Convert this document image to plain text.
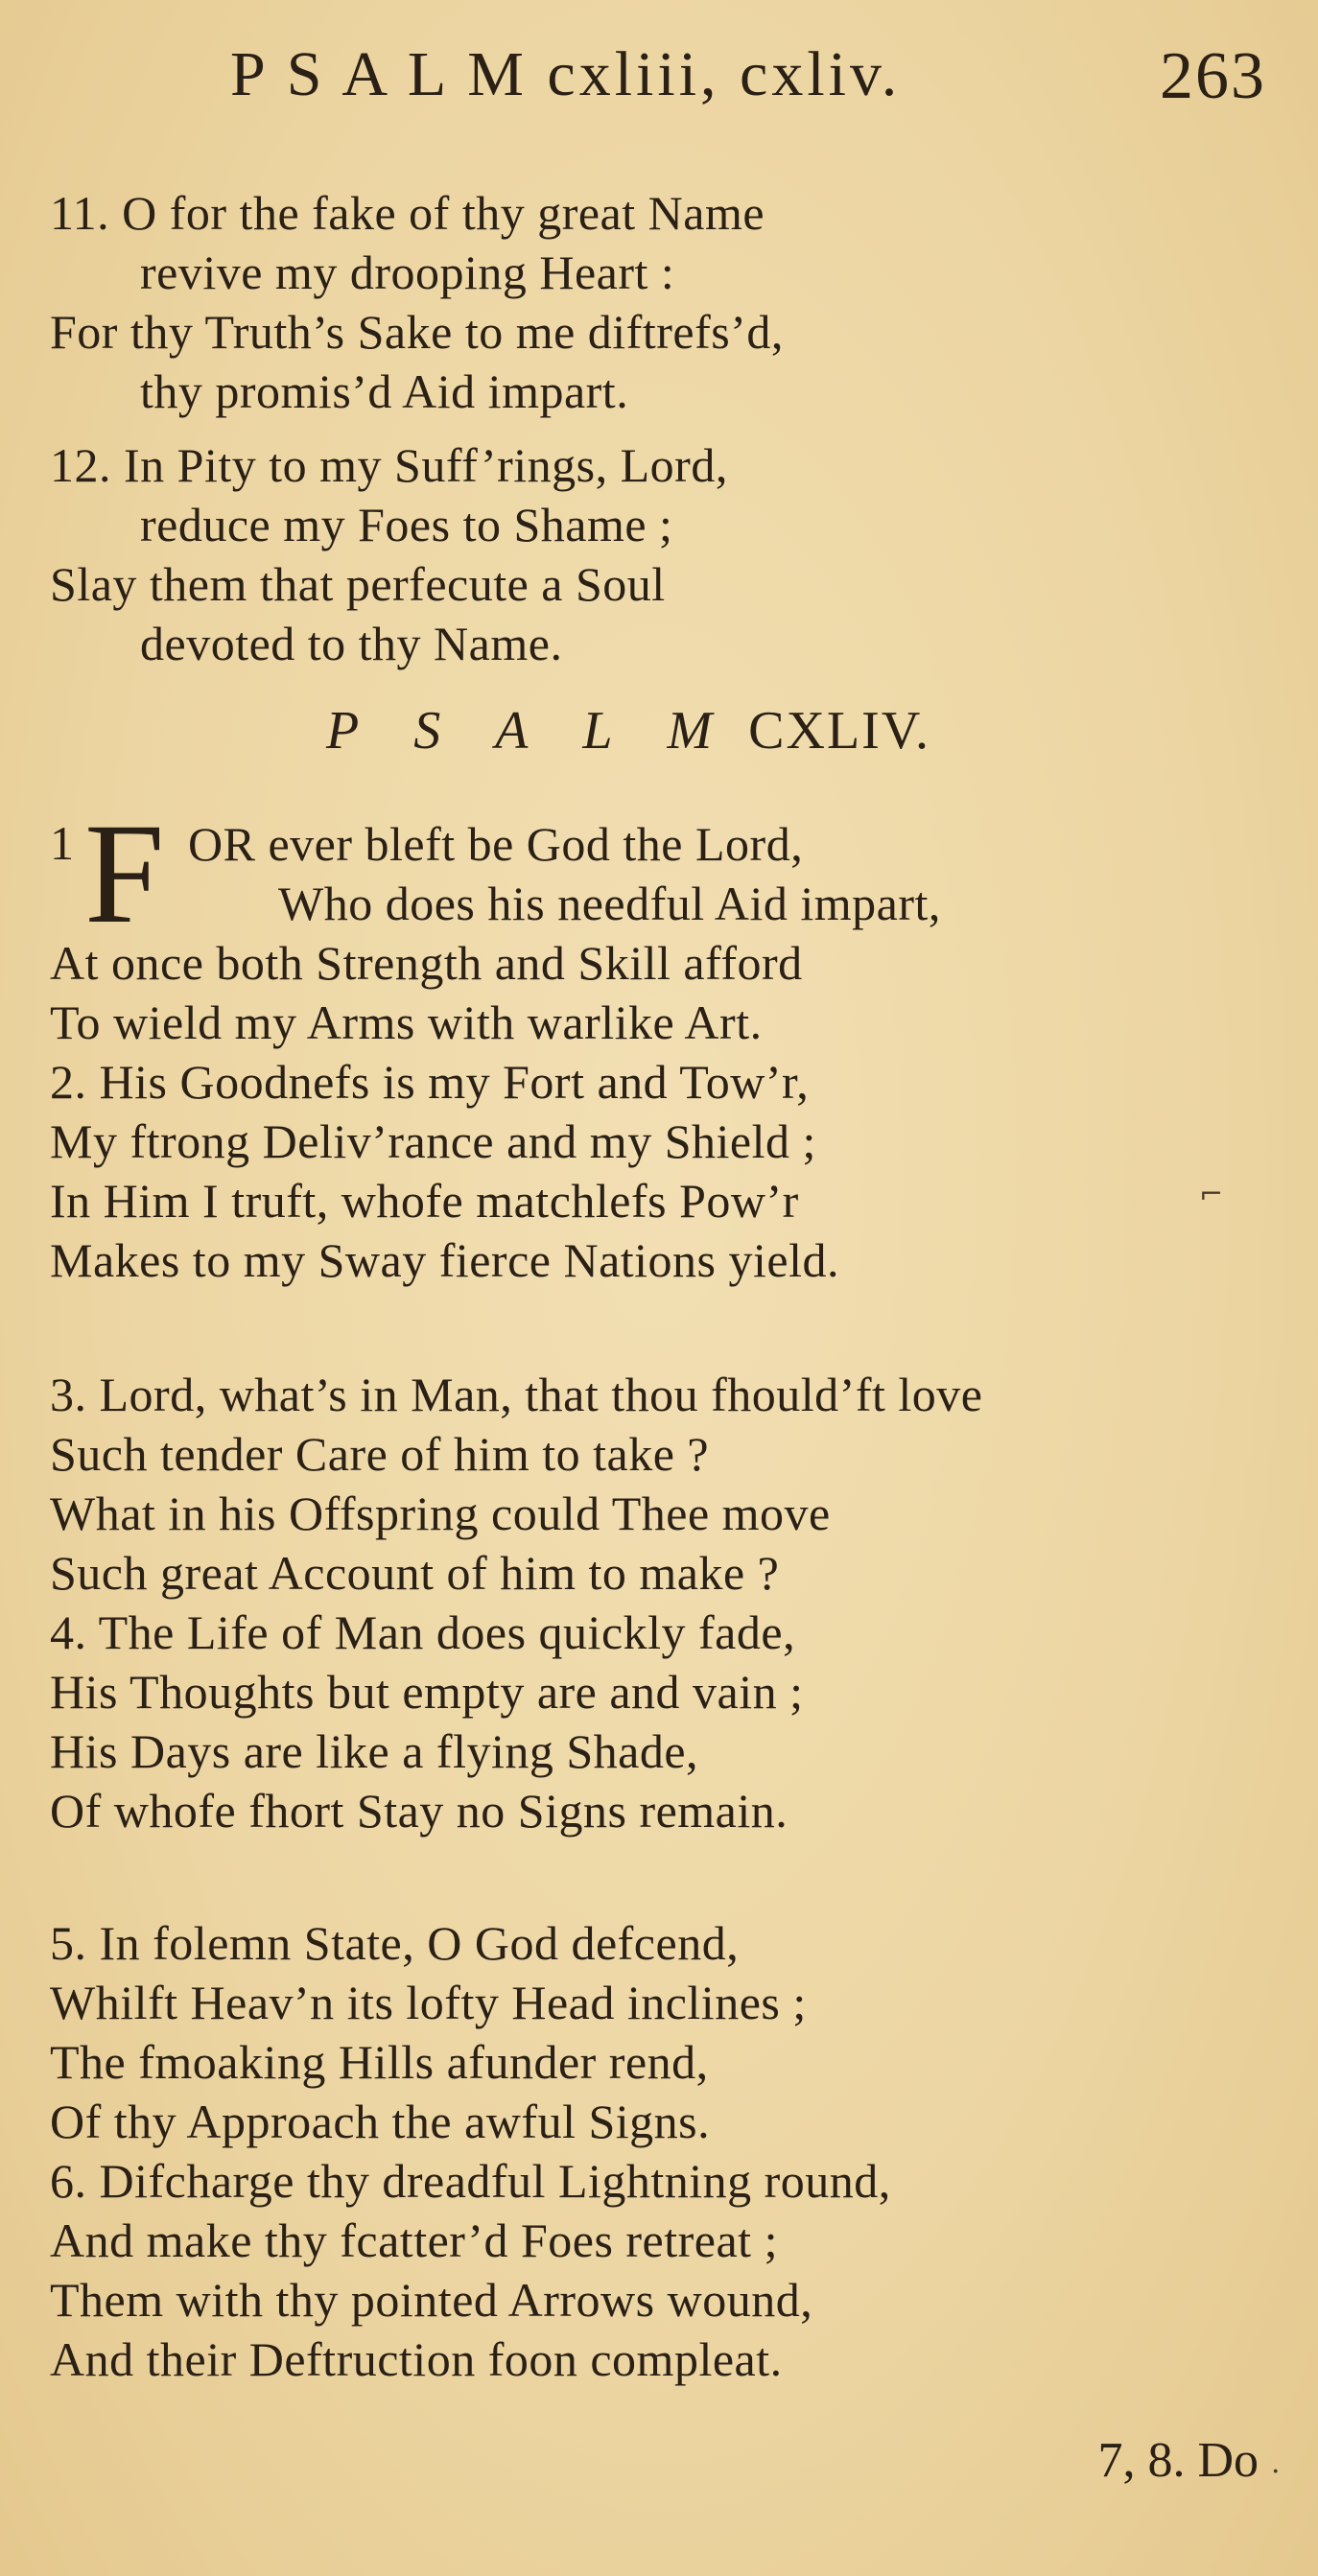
P S A L M cxliii, cxliv.	263
11. O for the fake of thy great Name
revive my drooping Heart :
For thy Truth’s Sake to me diftrefs’d,
thy promis’d Aid impart.
12. In Pity to my Suff’rings, Lord,
reduce my Foes to Shame ;
Slay them that perfecute a Soul
devoted to thy Name.
P S A L M CXLIV.
1 F OR ever bleft be God the Lord,
Who does his needful Aid impart,
At once both Strength and Skill afford
To wield my Arms with warlike Art.
2. His Goodnefs is my Fort and Tow’r,
My ftrong Deliv’rance and my Shield ;
In Him I truft, whofe matchlefs Pow’r
Makes to my Sway fierce Nations yield.
3. Lord, what’s in Man, that thou fhould’ft love
Such tender Care of him to take ?
What in his Offspring could Thee move
Such great Account of him to make ?
4. The Life of Man does quickly fade,
His Thoughts but empty are and vain ;
His Days are like a flying Shade,
Of whofe fhort Stay no Signs remain.
5. In folemn State, O God defcend,
Whilft Heav’n its lofty Head inclines ;
The fmoaking Hills afunder rend,
Of thy Approach the awful Signs.
6. Difcharge thy dreadful Lightning round,
And make thy fcatter’d Foes retreat ;
Them with thy pointed Arrows wound,
And their Deftruction foon compleat.
7, 8. Do
⌐
·
